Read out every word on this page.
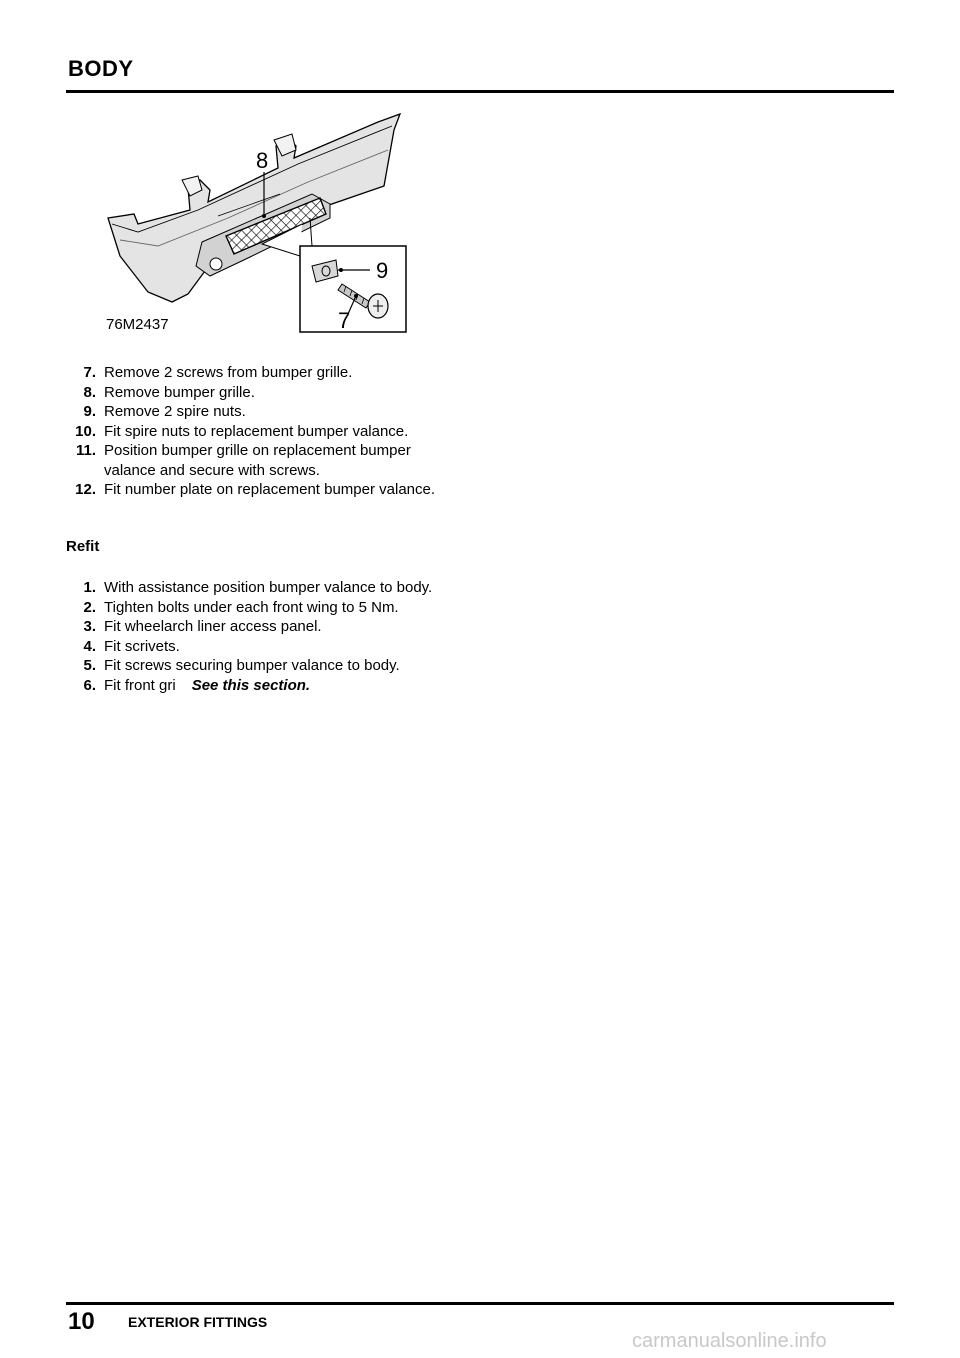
BODY
8
9
7
76M2437
7. Remove 2 screws from bumper grille.
8. Remove bumper grille.
9. Remove 2 spire nuts.
10. Fit spire nuts to replacement bumper valance.
11. Position bumper grille on replacement bumper valance and secure with screws.
12. Fit number plate on replacement bumper valance.
Refit
1. With assistance position bumper valance to body.
2. Tighten bolts under each front wing to 5 Nm.
3. Fit wheelarch liner access panel.
4. Fit scrivets.
5. Fit screws securing bumper valance to body.
6. Fit front gri See this section.
10 EXTERIOR FITTINGS
carmanualsonline.info
